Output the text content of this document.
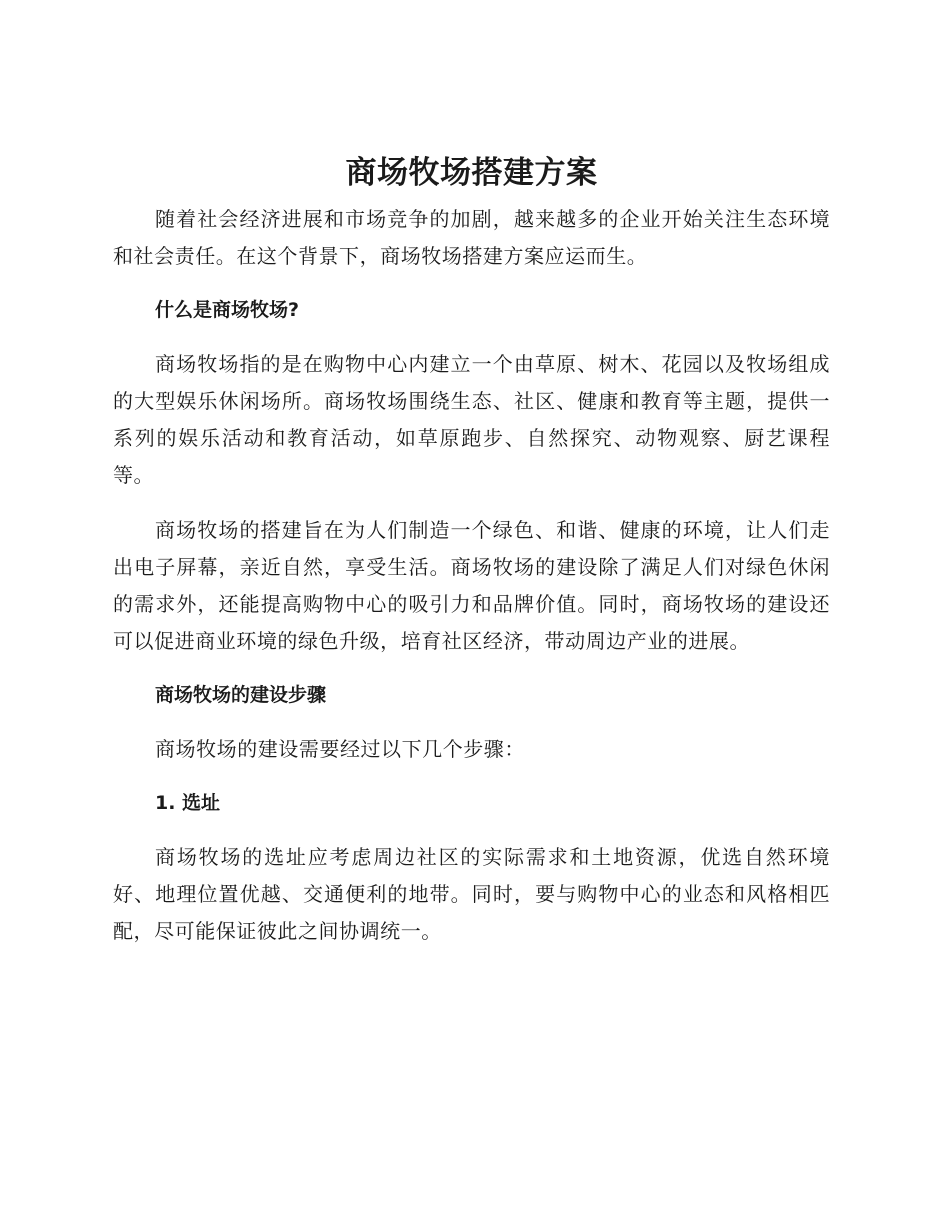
商场牧场搭建方案

随着社会经济进展和市场竞争的加剧，越来越多的企业开始关注生态环境和社会责任。在这个背景下，商场牧场搭建方案应运而生。

什么是商场牧场?

商场牧场指的是在购物中心内建立一个由草原、树木、花园以及牧场组成的大型娱乐休闲场所。商场牧场围绕生态、社区、健康和教育等主题，提供一系列的娱乐活动和教育活动，如草原跑步、自然探究、动物观察、厨艺课程等。

商场牧场的搭建旨在为人们制造一个绿色、和谐、健康的环境，让人们走出电子屏幕，亲近自然，享受生活。商场牧场的建设除了满足人们对绿色休闲的需求外，还能提高购物中心的吸引力和品牌价值。同时，商场牧场的建设还可以促进商业环境的绿色升级，培育社区经济，带动周边产业的进展。

商场牧场的建设步骤

商场牧场的建设需要经过以下几个步骤：

1. 选址

商场牧场的选址应考虑周边社区的实际需求和土地资源，优选自然环境好、地理位置优越、交通便利的地带。同时，要与购物中心的业态和风格相匹配，尽可能保证彼此之间协调统一。
